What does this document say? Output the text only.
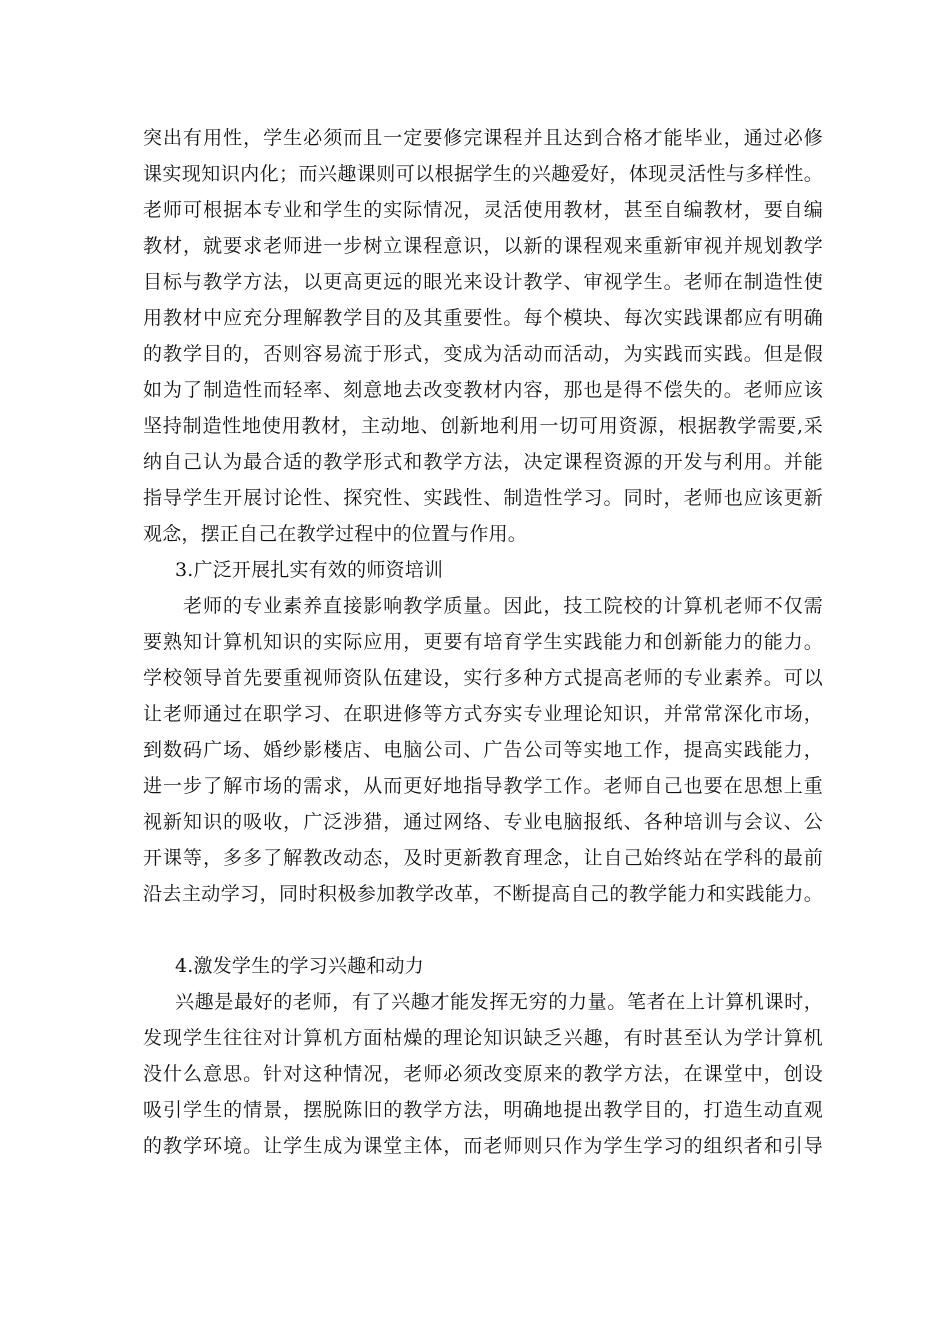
突出有用性，学生必须而且一定要修完课程并且达到合格才能毕业，通过必修
课实现知识内化；而兴趣课则可以根据学生的兴趣爱好，体现灵活性与多样性。
老师可根据本专业和学生的实际情况，灵活使用教材，甚至自编教材，要自编
教材，就要求老师进一步树立课程意识，以新的课程观来重新审视并规划教学
目标与教学方法，以更高更远的眼光来设计教学、审视学生。老师在制造性使
用教材中应充分理解教学目的及其重要性。每个模块、每次实践课都应有明确
的教学目的，否则容易流于形式，变成为活动而活动，为实践而实践。但是假
如为了制造性而轻率、刻意地去改变教材内容，那也是得不偿失的。老师应该
坚持制造性地使用教材，主动地、创新地利用一切可用资源，根据教学需要,采
纳自己认为最合适的教学形式和教学方法，决定课程资源的开发与利用。并能
指导学生开展讨论性、探究性、实践性、制造性学习。同时，老师也应该更新
观念，摆正自己在教学过程中的位置与作用。
3.广泛开展扎实有效的师资培训
老师的专业素养直接影响教学质量。因此，技工院校的计算机老师不仅需
要熟知计算机知识的实际应用，更要有培育学生实践能力和创新能力的能力。
学校领导首先要重视师资队伍建设，实行多种方式提高老师的专业素养。可以
让老师通过在职学习、在职进修等方式夯实专业理论知识，并常常深化市场，
到数码广场、婚纱影楼店、电脑公司、广告公司等实地工作，提高实践能力，
进一步了解市场的需求，从而更好地指导教学工作。老师自己也要在思想上重
视新知识的吸收，广泛涉猎，通过网络、专业电脑报纸、各种培训与会议、公
开课等，多多了解教改动态，及时更新教育理念，让自己始终站在学科的最前
沿去主动学习，同时积极参加教学改革，不断提高自己的教学能力和实践能力。
4.激发学生的学习兴趣和动力
兴趣是最好的老师，有了兴趣才能发挥无穷的力量。笔者在上计算机课时，
发现学生往往对计算机方面枯燥的理论知识缺乏兴趣，有时甚至认为学计算机
没什么意思。针对这种情况，老师必须改变原来的教学方法，在课堂中，创设
吸引学生的情景，摆脱陈旧的教学方法，明确地提出教学目的，打造生动直观
的教学环境。让学生成为课堂主体，而老师则只作为学生学习的组织者和引导
